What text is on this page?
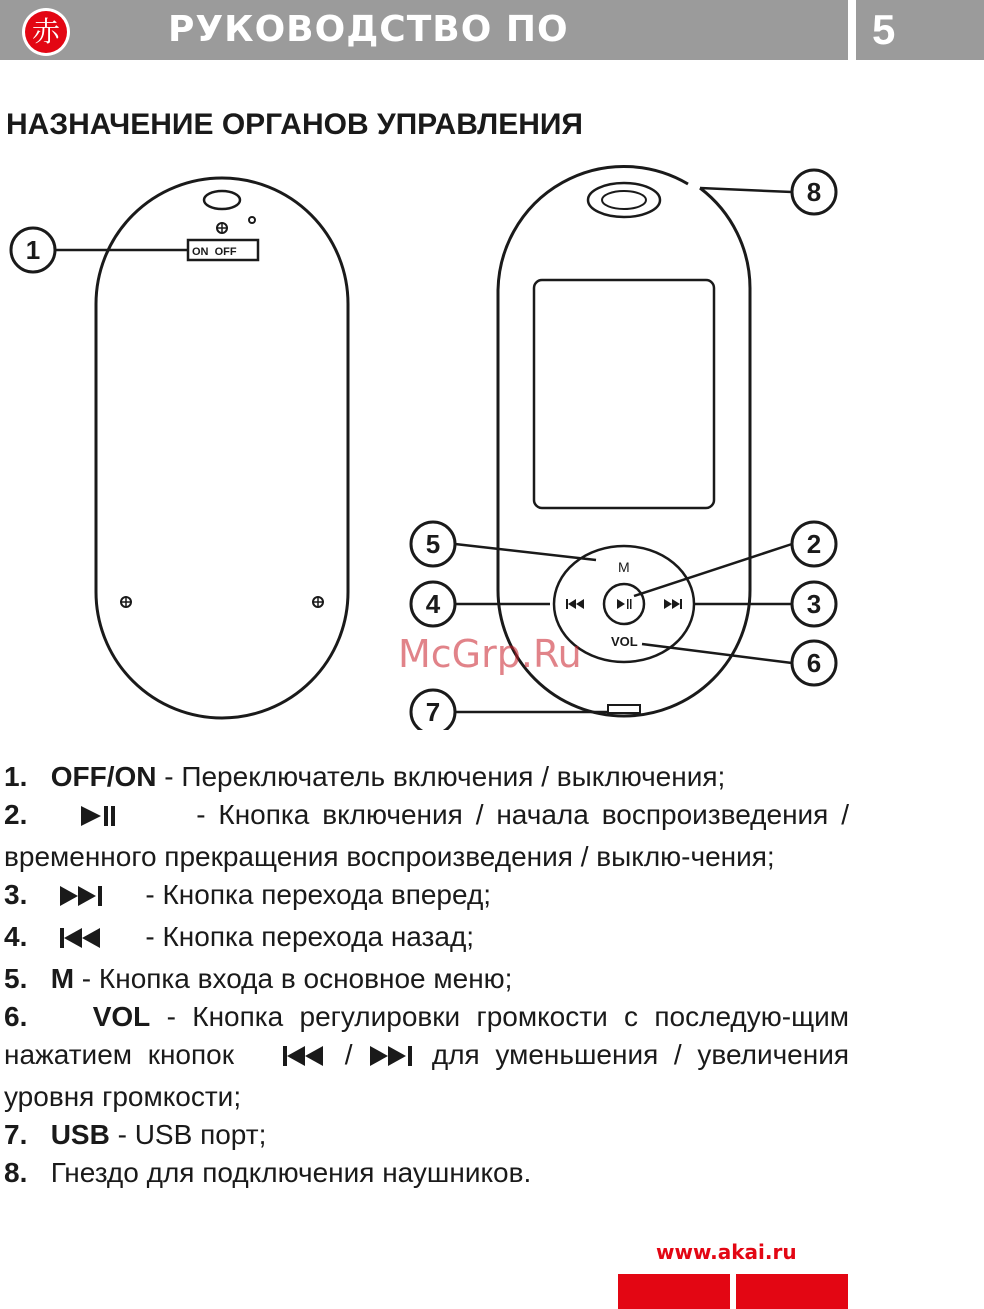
赤	РУКОВОДСТВО ПО ЭКСПЛУАТАЦИИ
5
НАЗНАЧЕНИЕ ОРГАНОВ УПРАВЛЕНИЯ
ON  OFF
M
VOL
1
5
4
7
8
2
3
6
McGrp.Ru

1. OFF/ON - Переключатель включения / выключения;

2.	- Кнопка включения / начала воспроизведения / временного прекращения воспроизведения / выклю-чения;

3.	- Кнопка перехода вперед;

4.	- Кнопка перехода назад;

5. M - Кнопка входа в основное меню;

6. VOL - Кнопка регулировки громкости с последую-щим нажатием кнопок	/  для уменьшения / увеличения уровня громкости;

7. USB - USB порт;

8. Гнездо для подключения наушников.

www.akai.ru
